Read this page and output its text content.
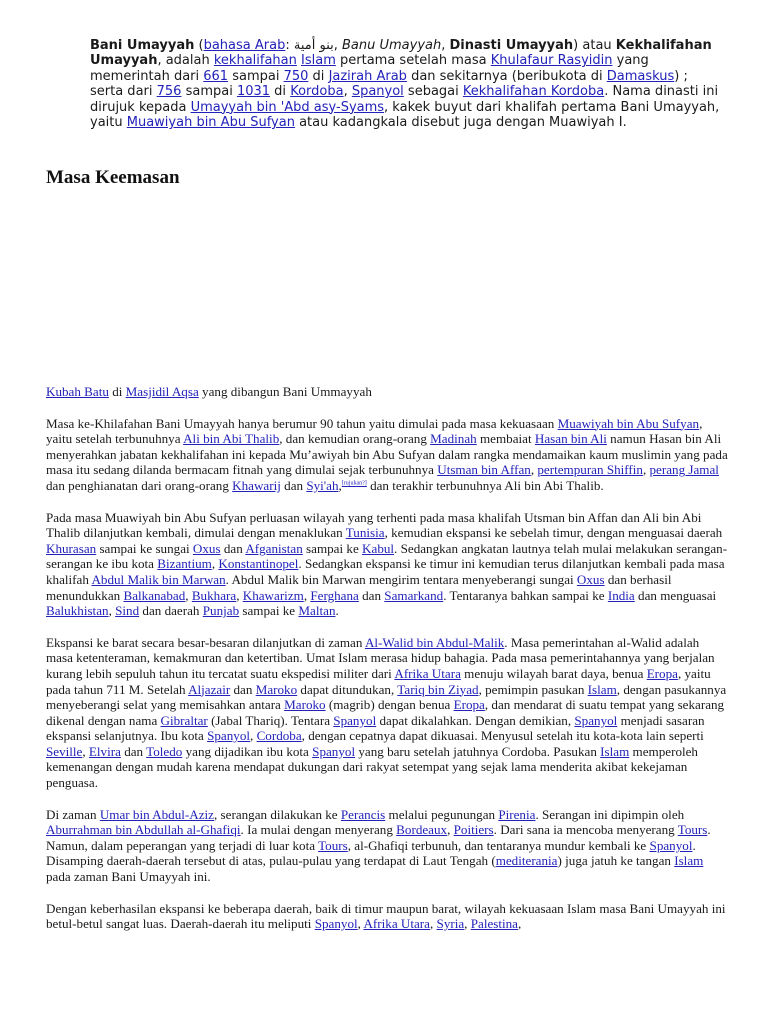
Bani Umayyah (bahasa Arab: بنو أمية, Banu Umayyah, Dinasti Umayyah) atau Kekhalifahan Umayyah, adalah kekhalifahan Islam pertama setelah masa Khulafaur Rasyidin yang memerintah dari 661 sampai 750 di Jazirah Arab dan sekitarnya (beribukota di Damaskus) ; serta dari 756 sampai 1031 di Kordoba, Spanyol sebagai Kekhalifahan Kordoba. Nama dinasti ini dirujuk kepada Umayyah bin 'Abd asy-Syams, kakek buyut dari khalifah pertama Bani Umayyah, yaitu Muawiyah bin Abu Sufyan atau kadangkala disebut juga dengan Muawiyah I.

Masa Keemasan

Kubah Batu di Masjidil Aqsa yang dibangun Bani Ummayyah

Masa ke-Khilafahan Bani Umayyah hanya berumur 90 tahun yaitu dimulai pada masa kekuasaan Muawiyah bin Abu Sufyan, yaitu setelah terbunuhnya Ali bin Abi Thalib, dan kemudian orang-orang Madinah membaiat Hasan bin Ali namun Hasan bin Ali menyerahkan jabatan kekhalifahan ini kepada Mu’awiyah bin Abu Sufyan dalam rangka mendamaikan kaum muslimin yang pada masa itu sedang dilanda bermacam fitnah yang dimulai sejak terbunuhnya Utsman bin Affan, pertempuran Shiffin, perang Jamal dan penghianatan dari orang-orang Khawarij dan Syi'ah,[rujukan?] dan terakhir terbunuhnya Ali bin Abi Thalib.

Pada masa Muawiyah bin Abu Sufyan perluasan wilayah yang terhenti pada masa khalifah Utsman bin Affan dan Ali bin Abi Thalib dilanjutkan kembali, dimulai dengan menaklukan Tunisia, kemudian ekspansi ke sebelah timur, dengan menguasai daerah Khurasan sampai ke sungai Oxus dan Afganistan sampai ke Kabul. Sedangkan angkatan lautnya telah mulai melakukan serangan-serangan ke ibu kota Bizantium, Konstantinopel. Sedangkan ekspansi ke timur ini kemudian terus dilanjutkan kembali pada masa khalifah Abdul Malik bin Marwan. Abdul Malik bin Marwan mengirim tentara menyeberangi sungai Oxus dan berhasil menundukkan Balkanabad, Bukhara, Khawarizm, Ferghana dan Samarkand. Tentaranya bahkan sampai ke India dan menguasai Balukhistan, Sind dan daerah Punjab sampai ke Maltan.

Ekspansi ke barat secara besar-besaran dilanjutkan di zaman Al-Walid bin Abdul-Malik. Masa pemerintahan al-Walid adalah masa ketenteraman, kemakmuran dan ketertiban. Umat Islam merasa hidup bahagia. Pada masa pemerintahannya yang berjalan kurang lebih sepuluh tahun itu tercatat suatu ekspedisi militer dari Afrika Utara menuju wilayah barat daya, benua Eropa, yaitu pada tahun 711 M. Setelah Aljazair dan Maroko dapat ditundukan, Tariq bin Ziyad, pemimpin pasukan Islam, dengan pasukannya menyeberangi selat yang memisahkan antara Maroko (magrib) dengan benua Eropa, dan mendarat di suatu tempat yang sekarang dikenal dengan nama Gibraltar (Jabal Thariq). Tentara Spanyol dapat dikalahkan. Dengan demikian, Spanyol menjadi sasaran ekspansi selanjutnya. Ibu kota Spanyol, Cordoba, dengan cepatnya dapat dikuasai. Menyusul setelah itu kota-kota lain seperti Seville, Elvira dan Toledo yang dijadikan ibu kota Spanyol yang baru setelah jatuhnya Cordoba. Pasukan Islam memperoleh kemenangan dengan mudah karena mendapat dukungan dari rakyat setempat yang sejak lama menderita akibat kekejaman penguasa.

Di zaman Umar bin Abdul-Aziz, serangan dilakukan ke Perancis melalui pegunungan Pirenia. Serangan ini dipimpin oleh Aburrahman bin Abdullah al-Ghafiqi. Ia mulai dengan menyerang Bordeaux, Poitiers. Dari sana ia mencoba menyerang Tours. Namun, dalam peperangan yang terjadi di luar kota Tours, al-Ghafiqi terbunuh, dan tentaranya mundur kembali ke Spanyol. Disamping daerah-daerah tersebut di atas, pulau-pulau yang terdapat di Laut Tengah (mediterania) juga jatuh ke tangan Islam pada zaman Bani Umayyah ini.

Dengan keberhasilan ekspansi ke beberapa daerah, baik di timur maupun barat, wilayah kekuasaan Islam masa Bani Umayyah ini betul-betul sangat luas. Daerah-daerah itu meliputi Spanyol, Afrika Utara, Syria, Palestina,
